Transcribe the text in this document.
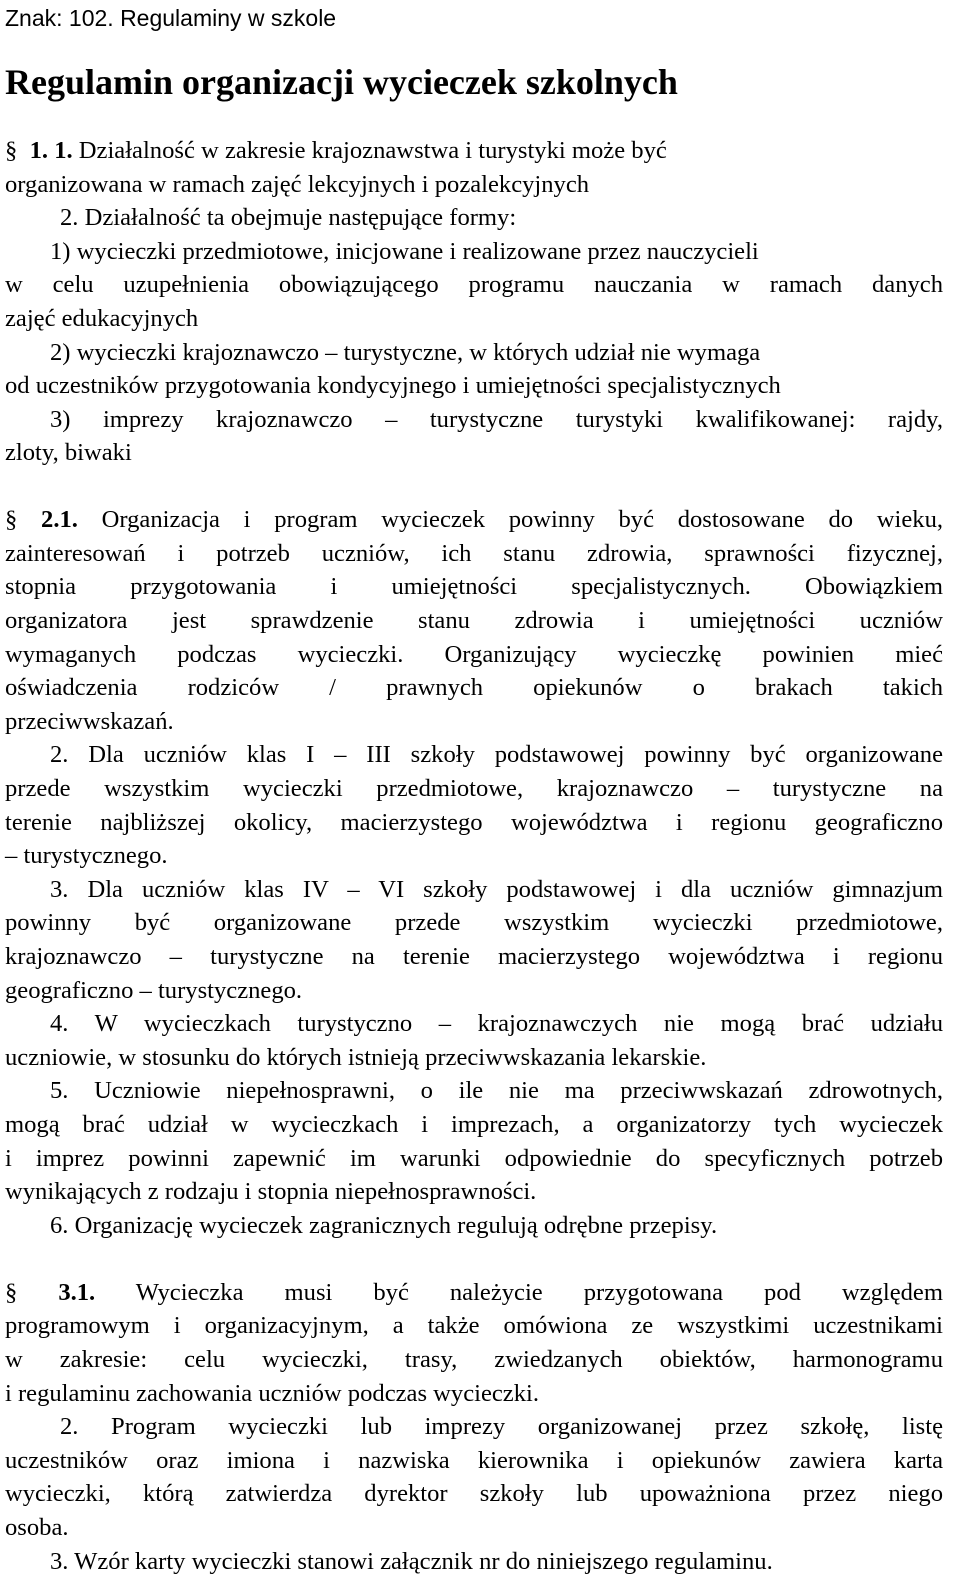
Znak: 102. Regulaminy w szkole
Regulamin organizacji wycieczek szkolnych
§ 1. 1. Działalność w zakresie krajoznawstwa i turystyki może być
organizowana w ramach zajęć lekcyjnych i pozalekcyjnych
2. Działalność ta obejmuje następujące formy:
1) wycieczki przedmiotowe, inicjowane i realizowane przez nauczycieli
w celu uzupełnienia obowiązującego programu nauczania w ramach danych
zajęć edukacyjnych
2) wycieczki krajoznawczo – turystyczne, w których udział nie wymaga
od uczestników przygotowania kondycyjnego i umiejętności specjalistycznych
3) imprezy krajoznawczo – turystyczne turystyki kwalifikowanej: rajdy,
zloty, biwaki
§ 2.1. Organizacja i program wycieczek powinny być dostosowane do wieku,
zainteresowań i potrzeb uczniów, ich stanu zdrowia, sprawności fizycznej,
stopnia przygotowania i umiejętności specjalistycznych. Obowiązkiem
organizatora jest sprawdzenie stanu zdrowia i umiejętności uczniów
wymaganych podczas wycieczki. Organizujący wycieczkę powinien mieć
oświadczenia rodziców / prawnych opiekunów o brakach takich
przeciwwskazań.
2. Dla uczniów klas I – III szkoły podstawowej powinny być organizowane
przede wszystkim wycieczki przedmiotowe, krajoznawczo – turystyczne na
terenie najbliższej okolicy, macierzystego województwa i regionu geograficzno
– turystycznego.
3. Dla uczniów klas IV – VI szkoły podstawowej i dla uczniów gimnazjum
powinny być organizowane przede wszystkim wycieczki przedmiotowe,
krajoznawczo – turystyczne na terenie macierzystego województwa i regionu
geograficzno – turystycznego.
4. W wycieczkach turystyczno – krajoznawczych nie mogą brać udziału
uczniowie, w stosunku do których istnieją przeciwwskazania lekarskie.
5. Uczniowie niepełnosprawni, o ile nie ma przeciwwskazań zdrowotnych,
mogą brać udział w wycieczkach i imprezach, a organizatorzy tych wycieczek
i imprez powinni zapewnić im warunki odpowiednie do specyficznych potrzeb
wynikających z rodzaju i stopnia niepełnosprawności.
6. Organizację wycieczek zagranicznych regulują odrębne przepisy.
§ 3.1. Wycieczka musi być należycie przygotowana pod względem
programowym i organizacyjnym, a także omówiona ze wszystkimi uczestnikami
w zakresie: celu wycieczki, trasy, zwiedzanych obiektów, harmonogramu
i regulaminu zachowania uczniów podczas wycieczki.
2. Program wycieczki lub imprezy organizowanej przez szkołę, listę
uczestników oraz imiona i nazwiska kierownika i opiekunów zawiera karta
wycieczki, którą zatwierdza dyrektor szkoły lub upoważniona przez niego
osoba.
3. Wzór karty wycieczki stanowi załącznik nr do niniejszego regulaminu.
